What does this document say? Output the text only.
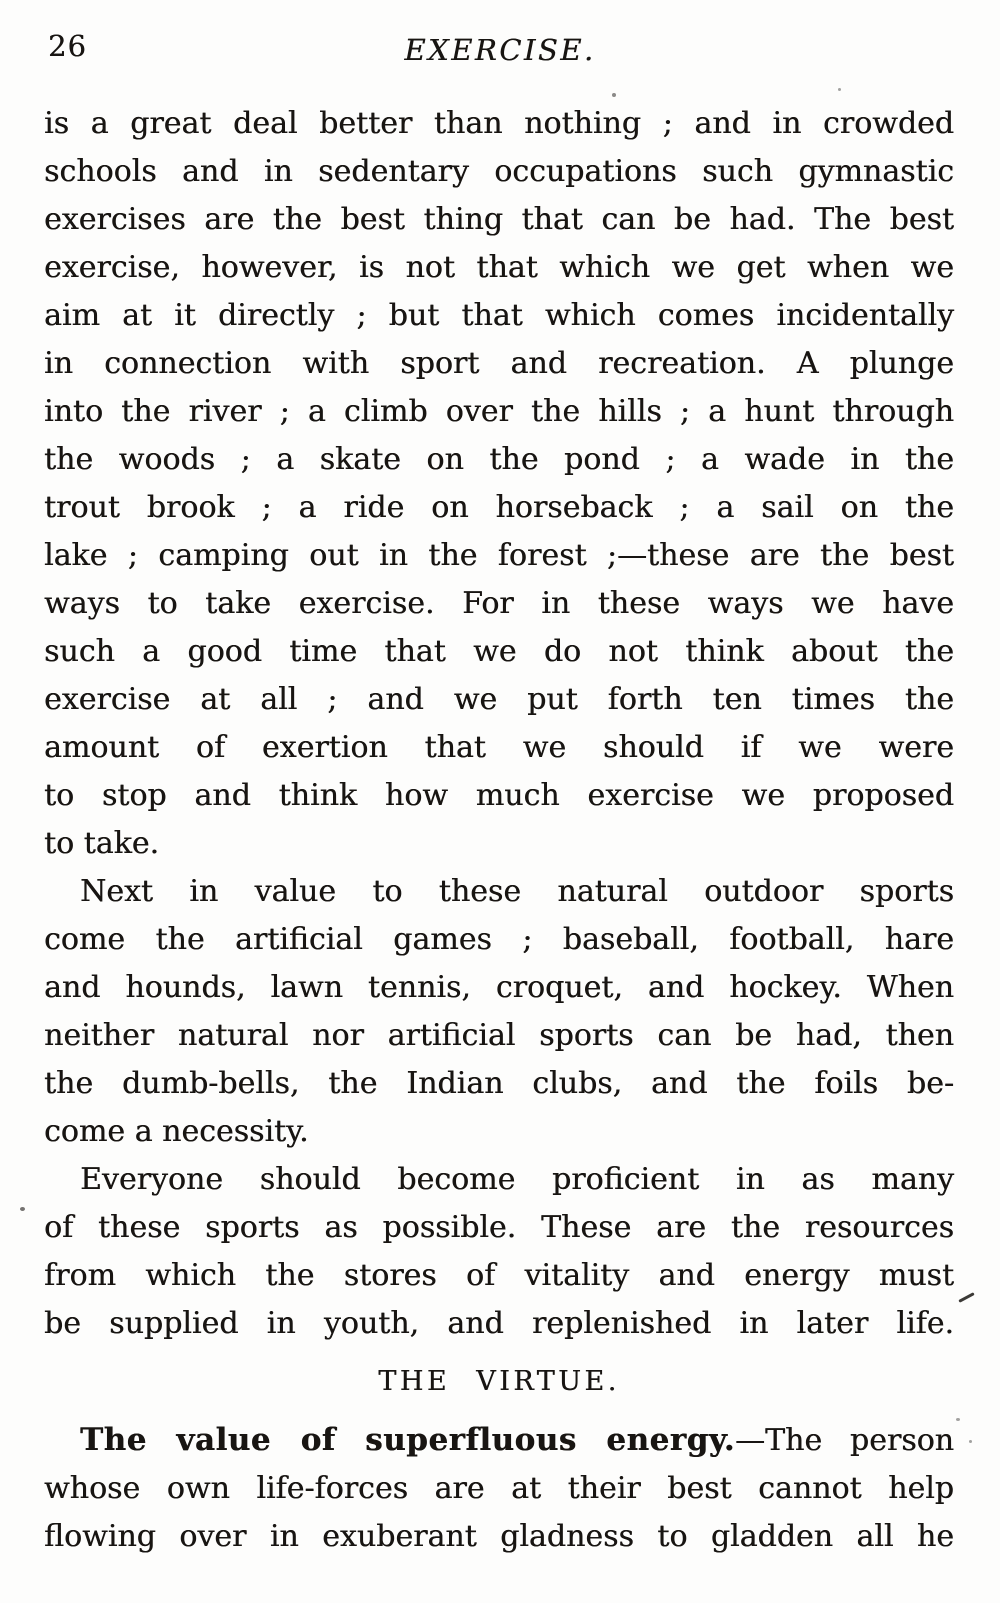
26	EXERCISE.
is a great deal better than nothing ; and in crowded
schools and in sedentary occupations such gymnastic
exercises are the best thing that can be had. The best
exercise, however, is not that which we get when we
aim at it directly ; but that which comes incidentally
in connection with sport and recreation. A plunge
into the river ; a climb over the hills ; a hunt through
the woods ; a skate on the pond ; a wade in the
trout brook ; a ride on horseback ; a sail on the
lake ; camping out in the forest ;—these are the best
ways to take exercise. For in these ways we have
such a good time that we do not think about the
exercise at all ; and we put forth ten times the
amount of exertion that we should if we were
to stop and think how much exercise we proposed
to take.
Next in value to these natural outdoor sports
come the artificial games ; baseball, football, hare
and hounds, lawn tennis, croquet, and hockey. When
neither natural nor artificial sports can be had, then
the dumb-bells, the Indian clubs, and the foils be-
come a necessity.
Everyone should become proficient in as many
of these sports as possible. These are the resources
from which the stores of vitality and energy must
be supplied in youth, and replenished in later life.
THE VIRTUE.
The value of superfluous energy.—The person
whose own life-forces are at their best cannot help
flowing over in exuberant gladness to gladden all he
